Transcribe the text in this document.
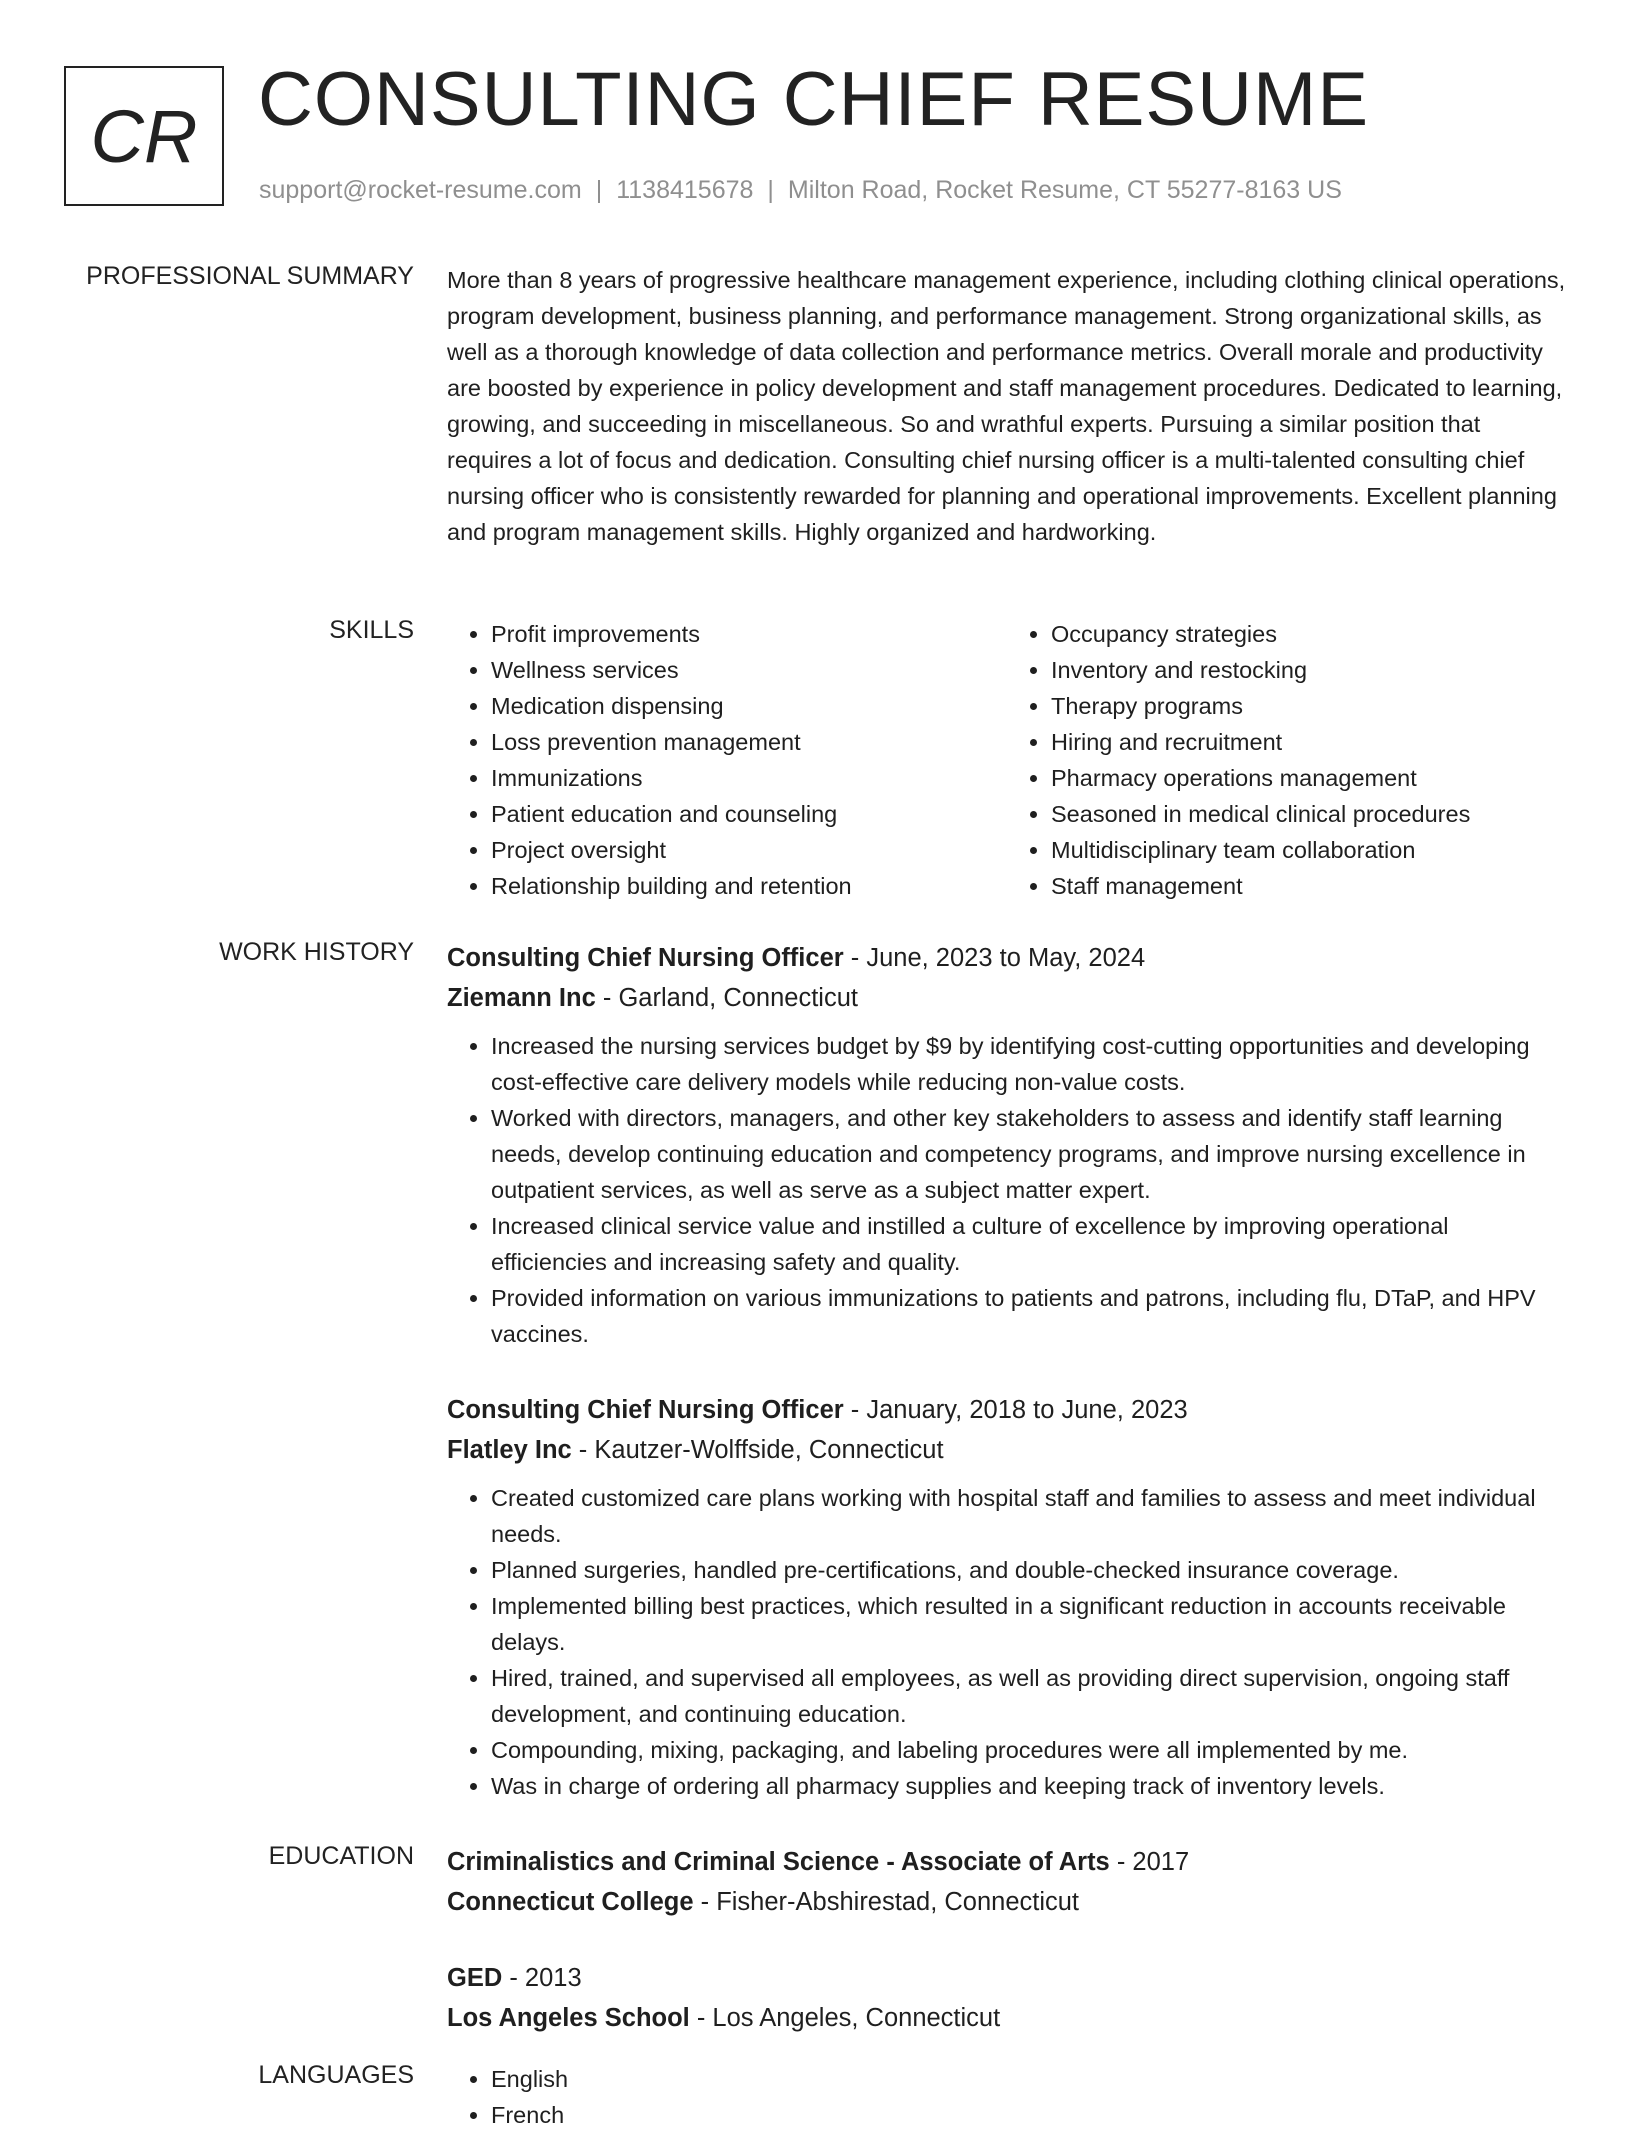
CR CONSULTING CHIEF RESUME
support@rocket-resume.com | 1138415678 | Milton Road, Rocket Resume, CT 55277-8163 US
PROFESSIONAL SUMMARY More than 8 years of progressive healthcare management experience, including clothing clinical operations, program development, business planning, and performance management. Strong organizational skills, as well as a thorough knowledge of data collection and performance metrics. Overall morale and productivity are boosted by experience in policy development and staff management procedures. Dedicated to learning, growing, and succeeding in miscellaneous. So and wrathful experts. Pursuing a similar position that requires a lot of focus and dedication. Consulting chief nursing officer is a multi-talented consulting chief nursing officer who is consistently rewarded for planning and operational improvements. Excellent planning and program management skills. Highly organized and hardworking.

SKILLS	• Profit improvements
• Wellness services
• Medication dispensing
• Loss prevention management
• Immunizations
• Patient education and counseling
• Project oversight
• Relationship building and retention
• Occupancy strategies
• Inventory and restocking
• Therapy programs
• Hiring and recruitment
• Pharmacy operations management
• Seasoned in medical clinical procedures
• Multidisciplinary team collaboration
• Staff management
WORK HISTORY Consulting Chief Nursing Officer - June, 2023 to May, 2024
Ziemann Inc - Garland, Connecticut
• Increased the nursing services budget by $9 by identifying cost-cutting opportunities and developing cost-effective care delivery models while reducing non-value costs.
• Worked with directors, managers, and other key stakeholders to assess and identify staff learning needs, develop continuing education and competency programs, and improve nursing excellence in outpatient services, as well as serve as a subject matter expert.
• Increased clinical service value and instilled a culture of excellence by improving operational efficiencies and increasing safety and quality.
• Provided information on various immunizations to patients and patrons, including flu, DTaP, and HPV vaccines.
Consulting Chief Nursing Officer - January, 2018 to June, 2023
Flatley Inc - Kautzer-Wolffside, Connecticut
• Created customized care plans working with hospital staff and families to assess and meet individual needs.
• Planned surgeries, handled pre-certifications, and double-checked insurance coverage.
• Implemented billing best practices, which resulted in a significant reduction in accounts receivable delays.
• Hired, trained, and supervised all employees, as well as providing direct supervision, ongoing staff development, and continuing education.
• Compounding, mixing, packaging, and labeling procedures were all implemented by me.
• Was in charge of ordering all pharmacy supplies and keeping track of inventory levels.
EDUCATION Criminalistics and Criminal Science - Associate of Arts - 2017
Connecticut College - Fisher-Abshirestad, Connecticut
GED - 2013
Los Angeles School - Los Angeles, Connecticut
LANGUAGES	• English
• French
